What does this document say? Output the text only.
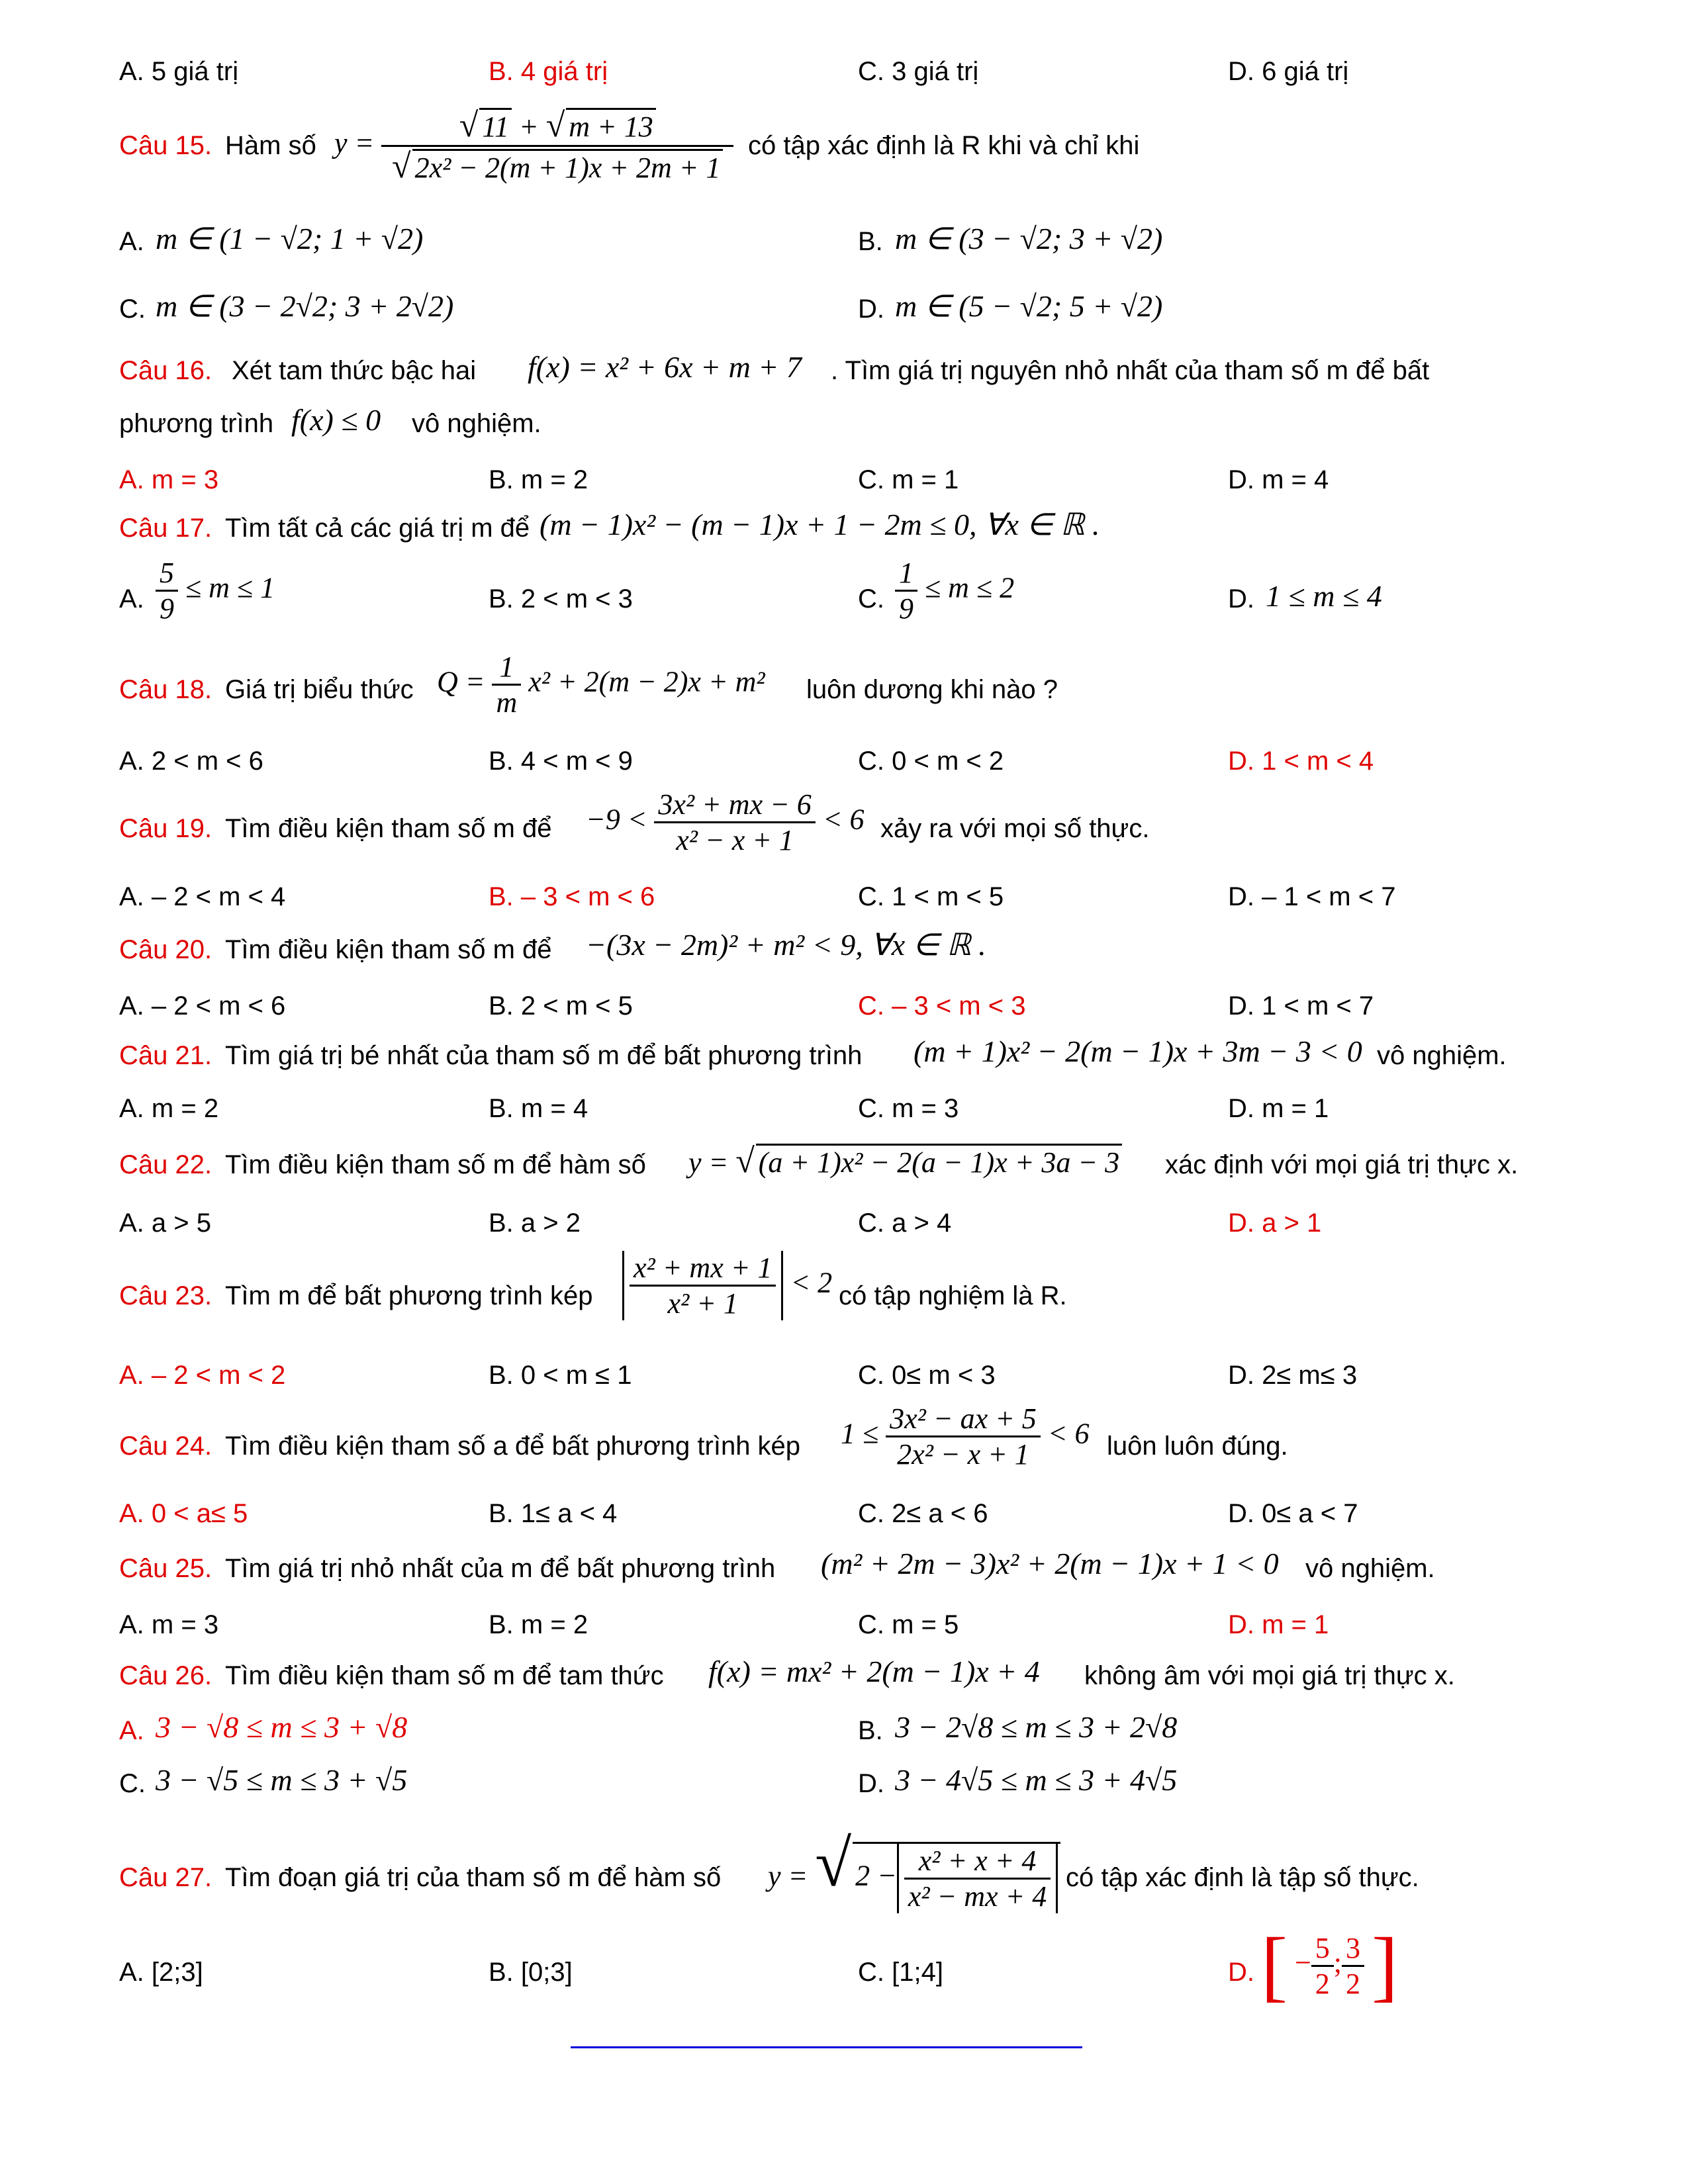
A. 5 giá trị	B. 4 giá trị	C. 3 giá trị	D. 6 giá trị
Câu 15. Hàm số $y = \frac{√ 11 + √ m + 13}{\text{√ 2x² − 2(m + 1)x + 2m + 1}}$ có tập xác định là R khi và chỉ khi
A. m ∈ (1 − √2; 1 + √2)	B. m ∈ (3 − √2; 3 + √2)
C. m ∈ (3 − 2√2; 3 + 2√2)	D. m ∈ (5 − √2; 5 + √2)
Câu 16. Xét tam thức bậc hai f(x) = x² + 6x + m + 7 . Tìm giá trị nguyên nhỏ nhất của tham số m để bất
phương trình f(x) ≤ 0 vô nghiệm.
A. m = 3	B. m = 2	C. m = 1	D. m = 4
Câu 17. Tìm tất cả các giá trị m để (m − 1)x² − (m − 1)x + 1 − 2m ≤ 0, ∀x ∈ ℝ .
A. $\frac{5}{9} \le m \le 1$	B. 2 < m < 3	C. $\frac{1}{9} \le m \le 2$	D. 1 ≤ m ≤ 4
Câu 18. Giá trị biểu thức $Q = \frac{1}{m} x^2 + 2(m - 2)x + m^2$ luôn dương khi nào ?
A. 2 < m < 6	B. 4 < m < 9	C. 0 < m < 2	D. 1 < m < 4
Câu 19. Tìm điều kiện tham số m để $-9 < \frac{\text{3x² + mx − 6}}{\text{x² − x + 1}} < 6$ xảy ra với mọi số thực.
A. – 2 < m < 4	B. – 3 < m < 6	C. 1 < m < 5	D. – 1 < m < 7
Câu 20. Tìm điều kiện tham số m để −(3x − 2m)² + m² < 9, ∀x ∈ ℝ .
A. – 2 < m < 6	B. 2 < m < 5	C. – 3 < m < 3	D. 1 < m < 7
Câu 21. Tìm giá trị bé nhất của tham số m để bất phương trình (m + 1)x² − 2(m − 1)x + 3m − 3 < 0 vô nghiệm.
A. m = 2	B. m = 4	C. m = 3	D. m = 1
Câu 22. Tìm điều kiện tham số m để hàm số y = √ (a + 1)x² − 2(a − 1)x + 3a − 3 xác định với mọi giá trị thực x.
A. a > 5	B. a > 2	C. a > 4	D. a > 1
Câu 23. Tìm m để bất phương trình kép $\frac{\text{x² + mx + 1}}{\text{x² + 1}} < 2$ có tập nghiệm là R.
A. – 2 < m < 2	B. 0 < m ≤ 1	C. 0≤ m < 3	D. 2≤ m≤ 3
Câu 24. Tìm điều kiện tham số a để bất phương trình kép $1 \le \frac{\text{3x² − ax + 5}}{\text{2x² − x + 1}} < 6$ luôn luôn đúng.
A. 0 < a≤ 5	B. 1≤ a < 4	C. 2≤ a < 6	D. 0≤ a < 7
Câu 25. Tìm giá trị nhỏ nhất của m để bất phương trình (m² + 2m − 3)x² + 2(m − 1)x + 1 < 0 vô nghiệm.
A. m = 3	B. m = 2	C. m = 5	D. m = 1
Câu 26. Tìm điều kiện tham số m để tam thức f(x) = mx² + 2(m − 1)x + 4 không âm với mọi giá trị thực x.
A. 3 − √8 ≤ m ≤ 3 + √8	B. 3 − 2√8 ≤ m ≤ 3 + 2√8
C. 3 − √5 ≤ m ≤ 3 + √5	D. 3 − 4√5 ≤ m ≤ 3 + 4√5
Câu 27. Tìm đoạn giá trị của tham số m để hàm số y = √ $2 - \frac{\text{x² + x + 4}}{\text{x² − mx + 4}}$ có tập xác định là tập số thực.
A. [2;3]	B. [0;3]	C. [1;4]	D. [ − $\frac{5}{2}$ ; $\frac{3}{2}$ ]
